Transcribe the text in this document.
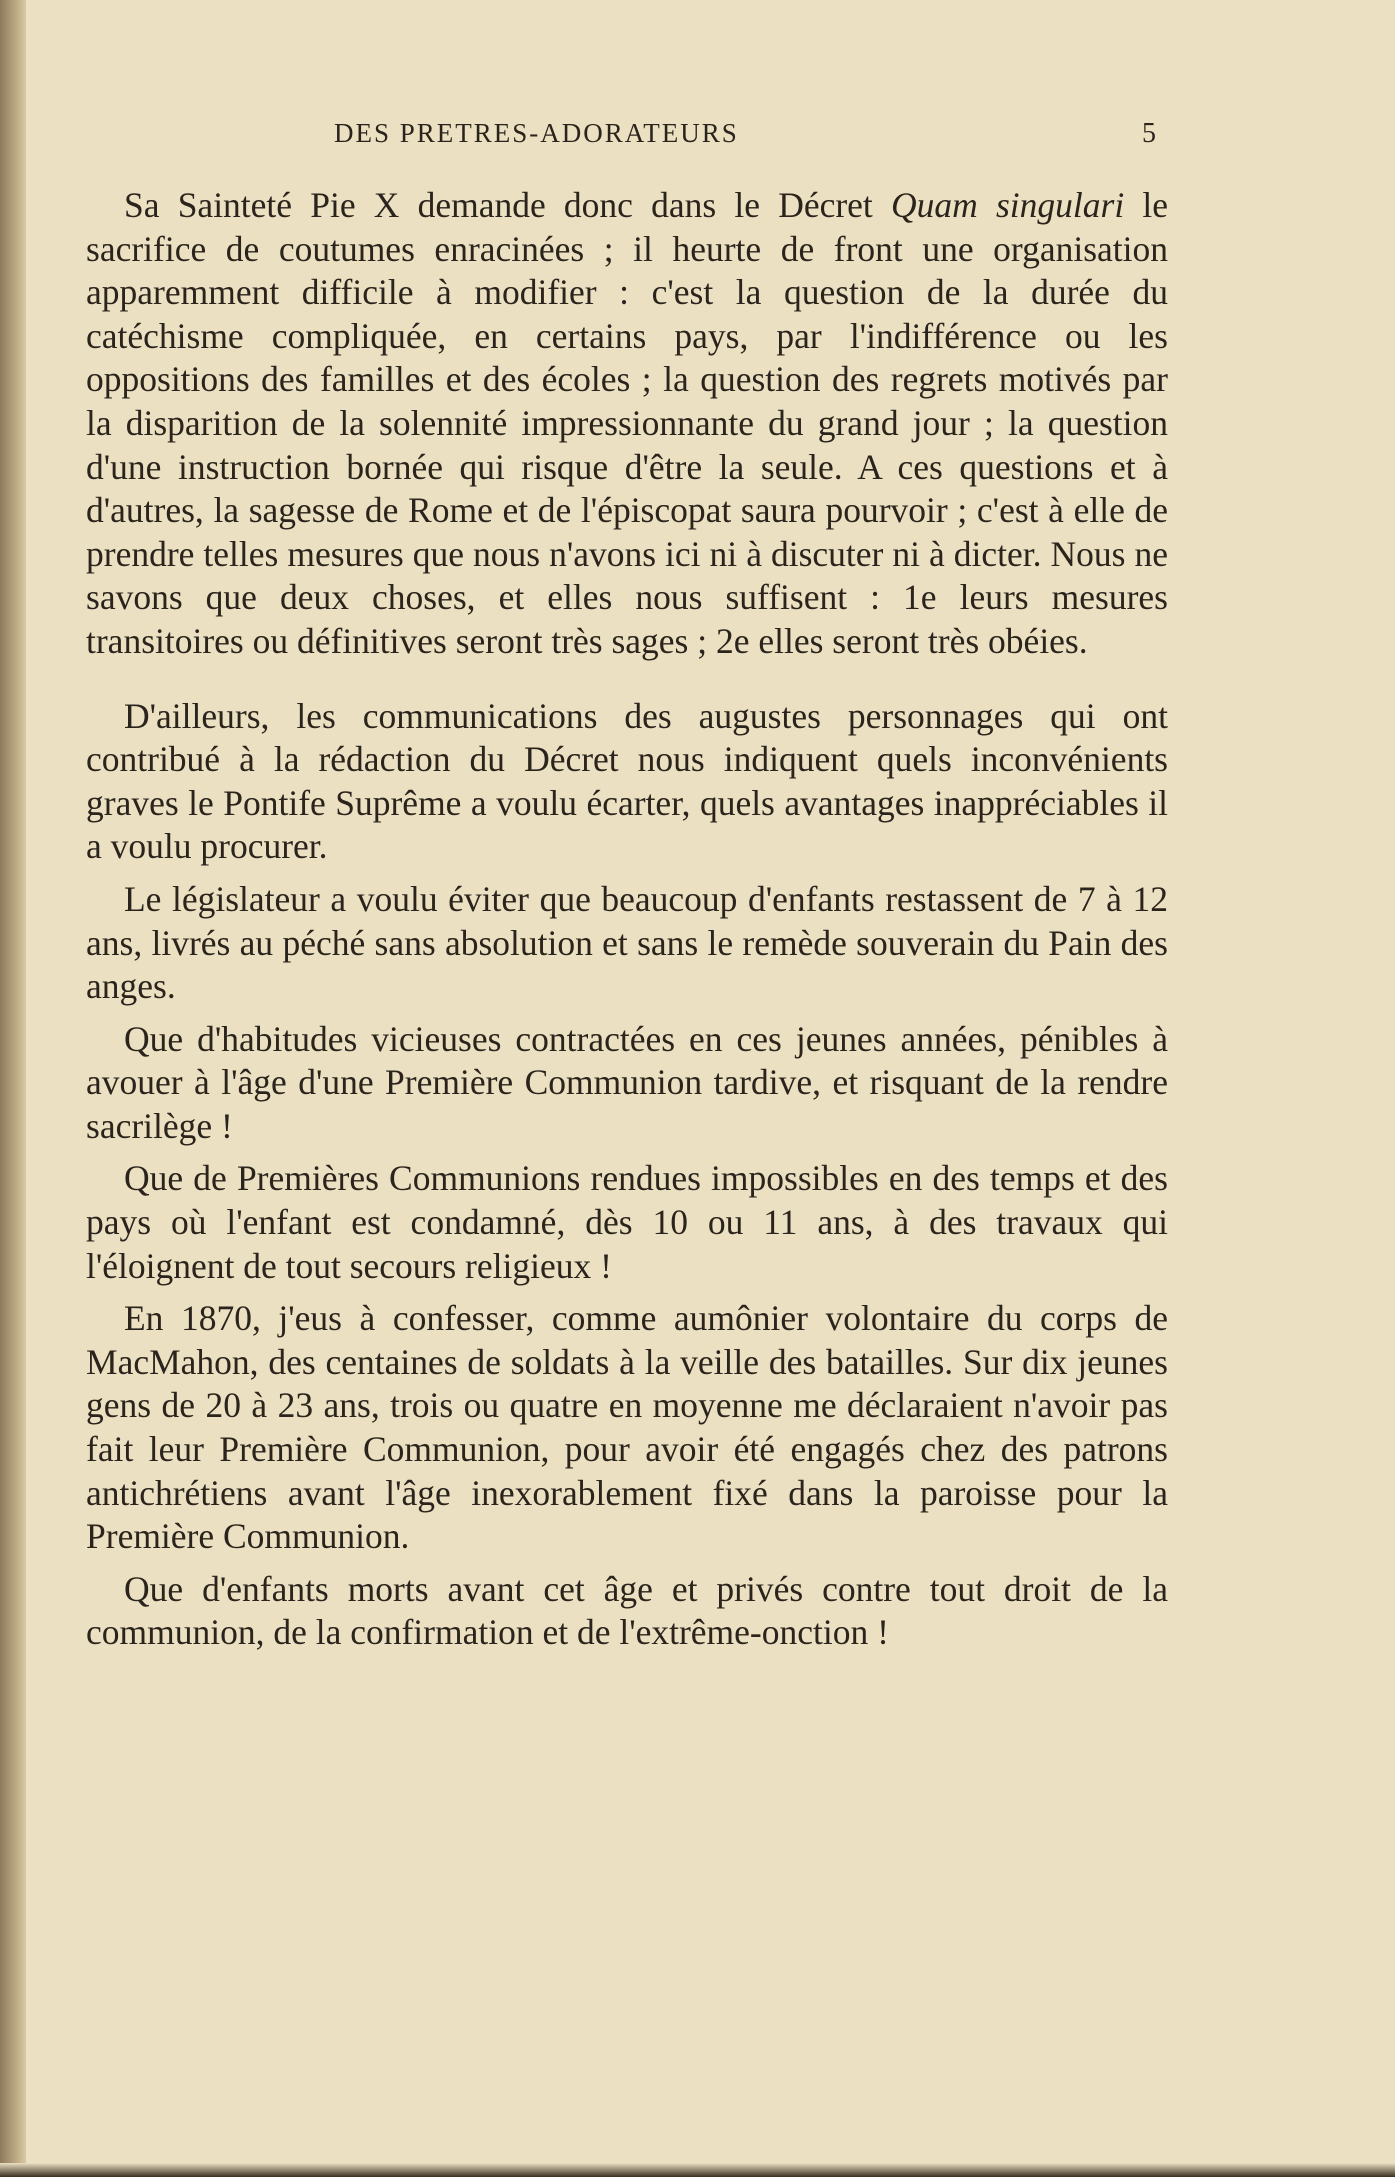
DES PRETRES-ADORATEURS	5

Sa Sainteté Pie X demande donc dans le Décret Quam singulari le sacrifice de coutumes enracinées ; il heurte de front une organisation apparemment difficile à modifier : c'est la question de la durée du catéchisme compliquée, en certains pays, par l'indifférence ou les oppositions des familles et des écoles ; la question des regrets motivés par la disparition de la solennité impressionnante du grand jour ; la question d'une instruction bornée qui risque d'être la seule. A ces questions et à d'autres, la sagesse de Rome et de l'épiscopat saura pourvoir ; c'est à elle de prendre telles mesures que nous n'avons ici ni à discuter ni à dicter. Nous ne savons que deux choses, et elles nous suffisent : 1e leurs mesures transitoires ou définitives seront très sages ; 2e elles seront très obéies.

D'ailleurs, les communications des augustes personnages qui ont contribué à la rédaction du Décret nous indiquent quels inconvénients graves le Pontife Suprême a voulu écarter, quels avantages inappréciables il a voulu procurer.

Le législateur a voulu éviter que beaucoup d'enfants restassent de 7 à 12 ans, livrés au péché sans absolution et sans le remède souverain du Pain des anges.

Que d'habitudes vicieuses contractées en ces jeunes années, pénibles à avouer à l'âge d'une Première Communion tardive, et risquant de la rendre sacrilège !

Que de Premières Communions rendues impossibles en des temps et des pays où l'enfant est condamné, dès 10 ou 11 ans, à des travaux qui l'éloignent de tout secours religieux !

En 1870, j'eus à confesser, comme aumônier volontaire du corps de MacMahon, des centaines de soldats à la veille des batailles. Sur dix jeunes gens de 20 à 23 ans, trois ou quatre en moyenne me déclaraient n'avoir pas fait leur Première Communion, pour avoir été engagés chez des patrons antichrétiens avant l'âge inexorablement fixé dans la paroisse pour la Première Communion.

Que d'enfants morts avant cet âge et privés contre tout droit de la communion, de la confirmation et de l'extrême-onction !
